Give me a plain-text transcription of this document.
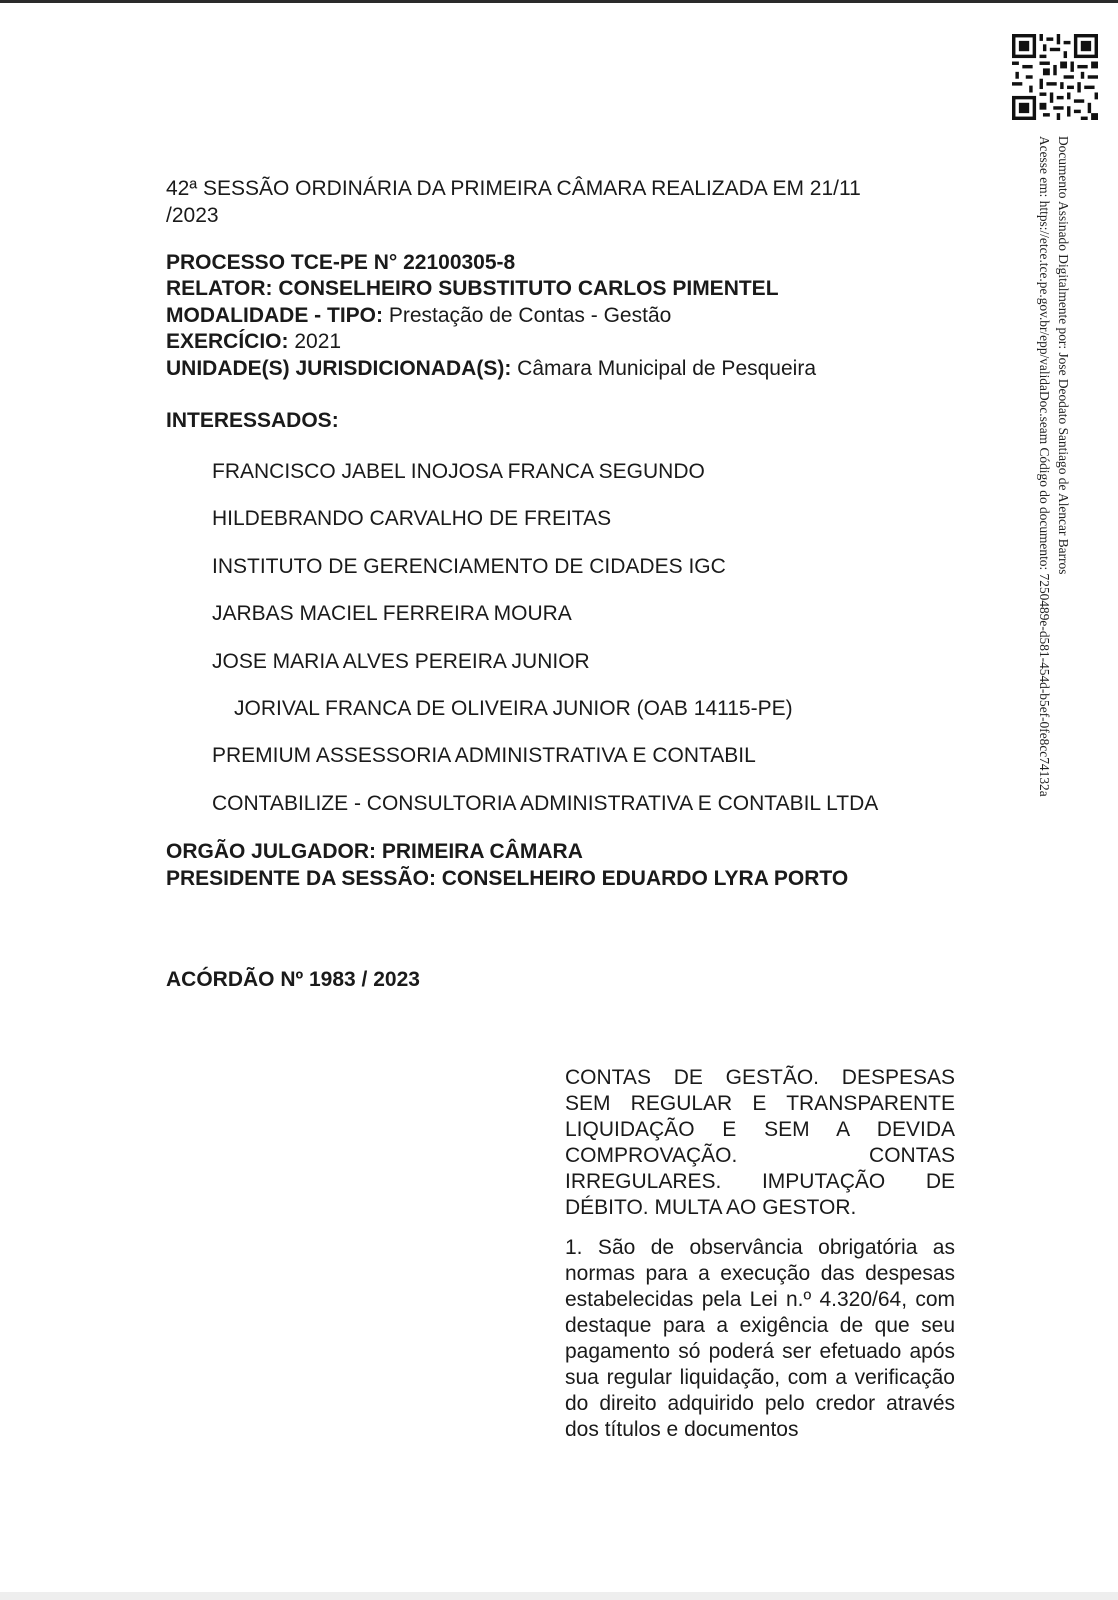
Documento Assinado Digitalmente por: Jose Deodato Santiago de Alencar Barros
Acesse em: https://etce.tce.pe.gov.br/epp/validaDoc.seam Código do documento: 7250489e-d581-454d-b5ef-0fe8cc74132a
42ª SESSÃO ORDINÁRIA DA PRIMEIRA CÂMARA REALIZADA EM 21/11
/2023
PROCESSO TCE-PE N° 22100305-8
RELATOR: CONSELHEIRO SUBSTITUTO CARLOS PIMENTEL
MODALIDADE - TIPO: Prestação de Contas - Gestão
EXERCÍCIO: 2021
UNIDADE(S) JURISDICIONADA(S): Câmara Municipal de Pesqueira
INTERESSADOS:
FRANCISCO JABEL INOJOSA FRANCA SEGUNDO
HILDEBRANDO CARVALHO DE FREITAS
INSTITUTO DE GERENCIAMENTO DE CIDADES IGC
JARBAS MACIEL FERREIRA MOURA
JOSE MARIA ALVES PEREIRA JUNIOR
JORIVAL FRANCA DE OLIVEIRA JUNIOR (OAB 14115-PE)
PREMIUM ASSESSORIA ADMINISTRATIVA E CONTABIL
CONTABILIZE - CONSULTORIA ADMINISTRATIVA E CONTABIL LTDA
ORGÃO JULGADOR: PRIMEIRA CÂMARA
PRESIDENTE DA SESSÃO: CONSELHEIRO EDUARDO LYRA PORTO
ACÓRDÃO Nº 1983 / 2023
CONTAS DE GESTÃO. DESPESAS SEM REGULAR E TRANSPARENTE LIQUIDAÇÃO E SEM A DEVIDA COMPROVAÇÃO. CONTAS IRREGULARES. IMPUTAÇÃO DE DÉBITO. MULTA AO GESTOR.
1. São de observância obrigatória as normas para a execução das despesas estabelecidas pela Lei n.º 4.320/64, com destaque para a exigência de que seu pagamento só poderá ser efetuado após sua regular liquidação, com a verificação do direito adquirido pelo credor através dos títulos e documentos
